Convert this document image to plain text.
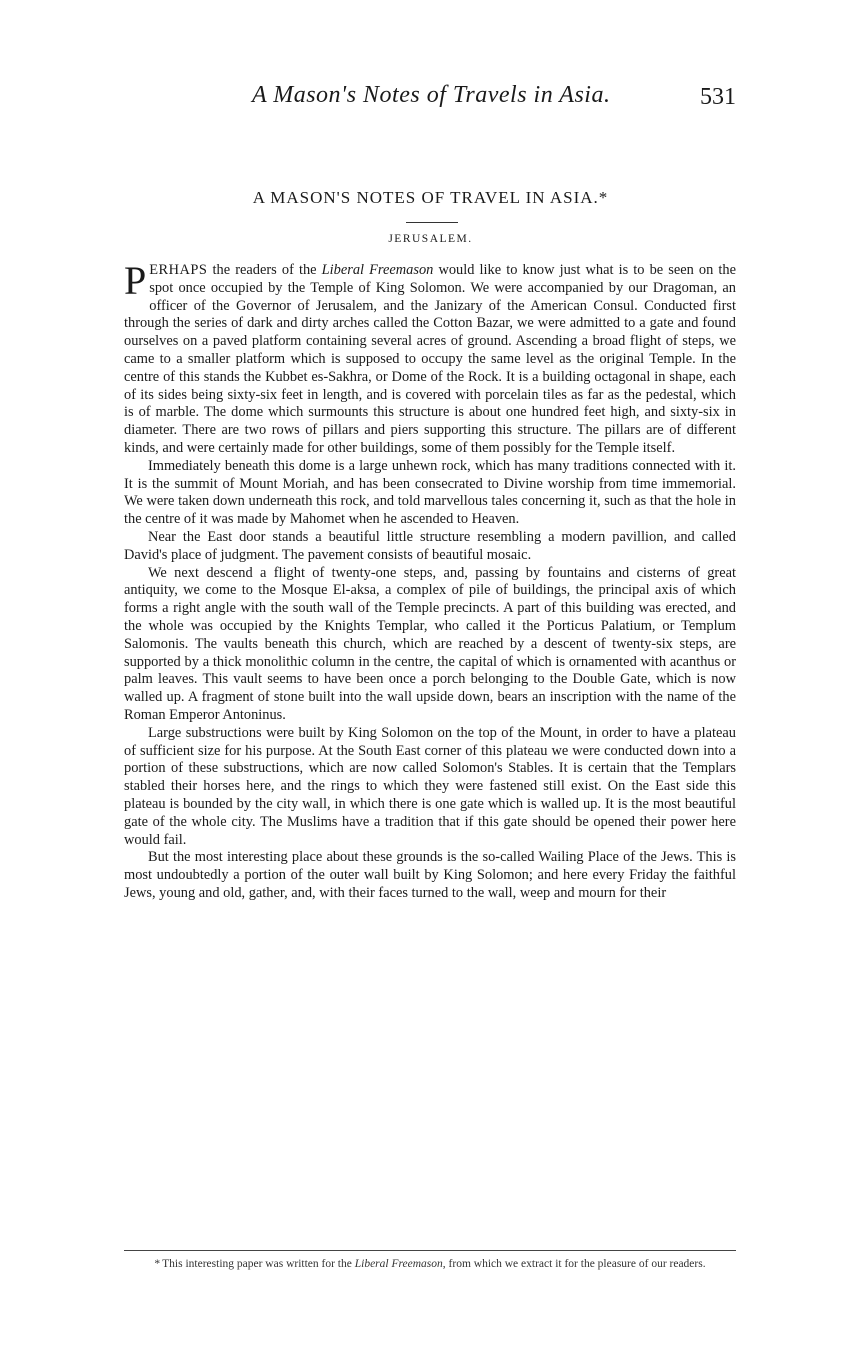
A Mason's Notes of Travels in Asia.	531
A MASON'S NOTES OF TRAVEL IN ASIA.*
JERUSALEM.

PERHAPS the readers of the Liberal Freemason would like to know just what is to be seen on the spot once occupied by the Temple of King Solomon. We were accompanied by our Dragoman, an officer of the Governor of Jerusalem, and the Janizary of the American Consul. Conducted first through the series of dark and dirty arches called the Cotton Bazar, we were admitted to a gate and found ourselves on a paved platform containing several acres of ground. Ascending a broad flight of steps, we came to a smaller platform which is supposed to occupy the same level as the original Temple. In the centre of this stands the Kubbet es-Sakhra, or Dome of the Rock. It is a building octagonal in shape, each of its sides being sixty-six feet in length, and is covered with porcelain tiles as far as the pedestal, which is of marble. The dome which surmounts this structure is about one hundred feet high, and sixty-six in diameter. There are two rows of pillars and piers supporting this structure. The pillars are of different kinds, and were certainly made for other buildings, some of them possibly for the Temple itself.

Immediately beneath this dome is a large unhewn rock, which has many traditions connected with it. It is the summit of Mount Moriah, and has been consecrated to Divine worship from time immemorial. We were taken down underneath this rock, and told marvellous tales concerning it, such as that the hole in the centre of it was made by Mahomet when he ascended to Heaven.

Near the East door stands a beautiful little structure resembling a modern pavillion, and called David's place of judgment. The pavement consists of beautiful mosaic.

We next descend a flight of twenty-one steps, and, passing by fountains and cisterns of great antiquity, we come to the Mosque El-aksa, a complex of pile of buildings, the principal axis of which forms a right angle with the south wall of the Temple precincts. A part of this building was erected, and the whole was occupied by the Knights Templar, who called it the Porticus Palatium, or Templum Salomonis. The vaults beneath this church, which are reached by a descent of twenty-six steps, are supported by a thick monolithic column in the centre, the capital of which is ornamented with acanthus or palm leaves. This vault seems to have been once a porch belonging to the Double Gate, which is now walled up. A fragment of stone built into the wall upside down, bears an inscription with the name of the Roman Emperor Antoninus.

Large substructions were built by King Solomon on the top of the Mount, in order to have a plateau of sufficient size for his purpose. At the South East corner of this plateau we were conducted down into a portion of these substructions, which are now called Solomon's Stables. It is certain that the Templars stabled their horses here, and the rings to which they were fastened still exist. On the East side this plateau is bounded by the city wall, in which there is one gate which is walled up. It is the most beautiful gate of the whole city. The Muslims have a tradition that if this gate should be opened their power here would fail.

But the most interesting place about these grounds is the so-called Wailing Place of the Jews. This is most undoubtedly a portion of the outer wall built by King Solomon; and here every Friday the faithful Jews, young and old, gather, and, with their faces turned to the wall, weep and mourn for their

* This interesting paper was written for the Liberal Freemason, from which we extract it for the pleasure of our readers.
